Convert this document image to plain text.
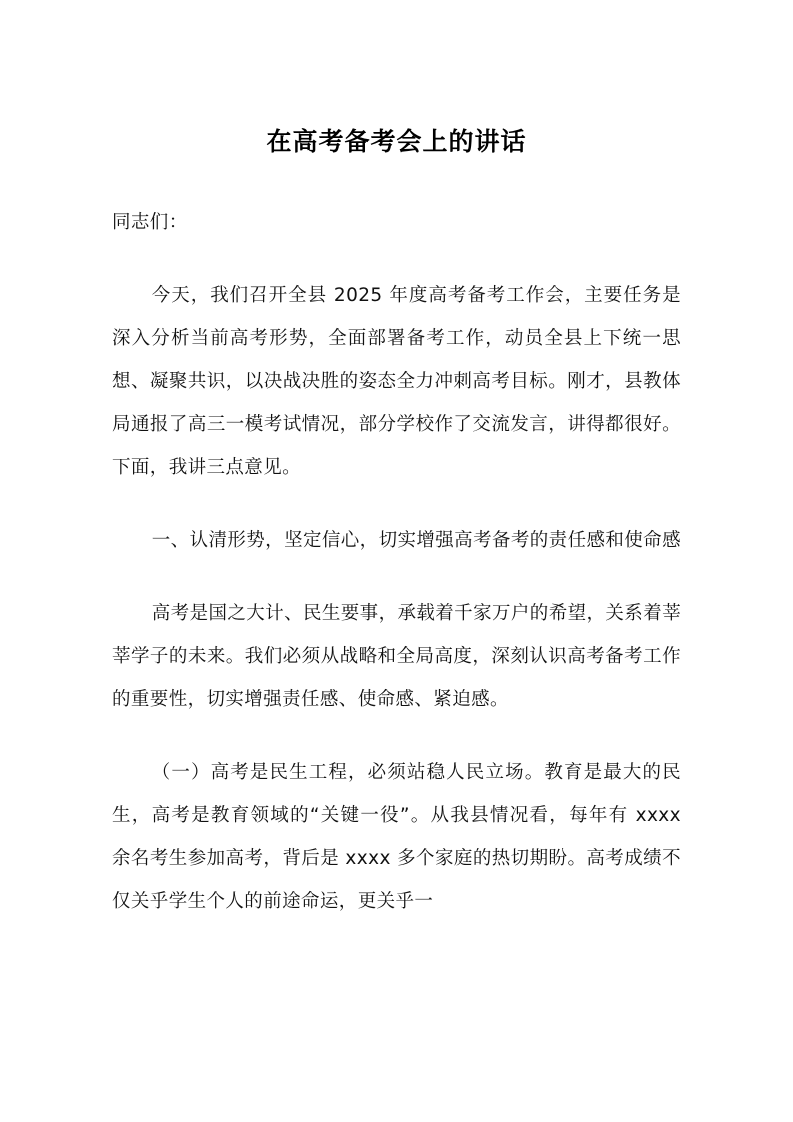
在高考备考会上的讲话

同志们：

今天，我们召开全县 2025 年度高考备考工作会，主要任务是深入分析当前高考形势，全面部署备考工作，动员全县上下统一思想、凝聚共识，以决战决胜的姿态全力冲刺高考目标。刚才，县教体局通报了高三一模考试情况，部分学校作了交流发言，讲得都很好。下面，我讲三点意见。

一、认清形势，坚定信心，切实增强高考备考的责任感和使命感

高考是国之大计、民生要事，承载着千家万户的希望，关系着莘莘学子的未来。我们必须从战略和全局高度，深刻认识高考备考工作的重要性，切实增强责任感、使命感、紧迫感。

（一）高考是民生工程，必须站稳人民立场。教育是最大的民生，高考是教育领域的“关键一役”。从我县情况看，每年有 xxxx 余名考生参加高考，背后是 xxxx 多个家庭的热切期盼。高考成绩不仅关乎学生个人的前途命运，更关乎一
